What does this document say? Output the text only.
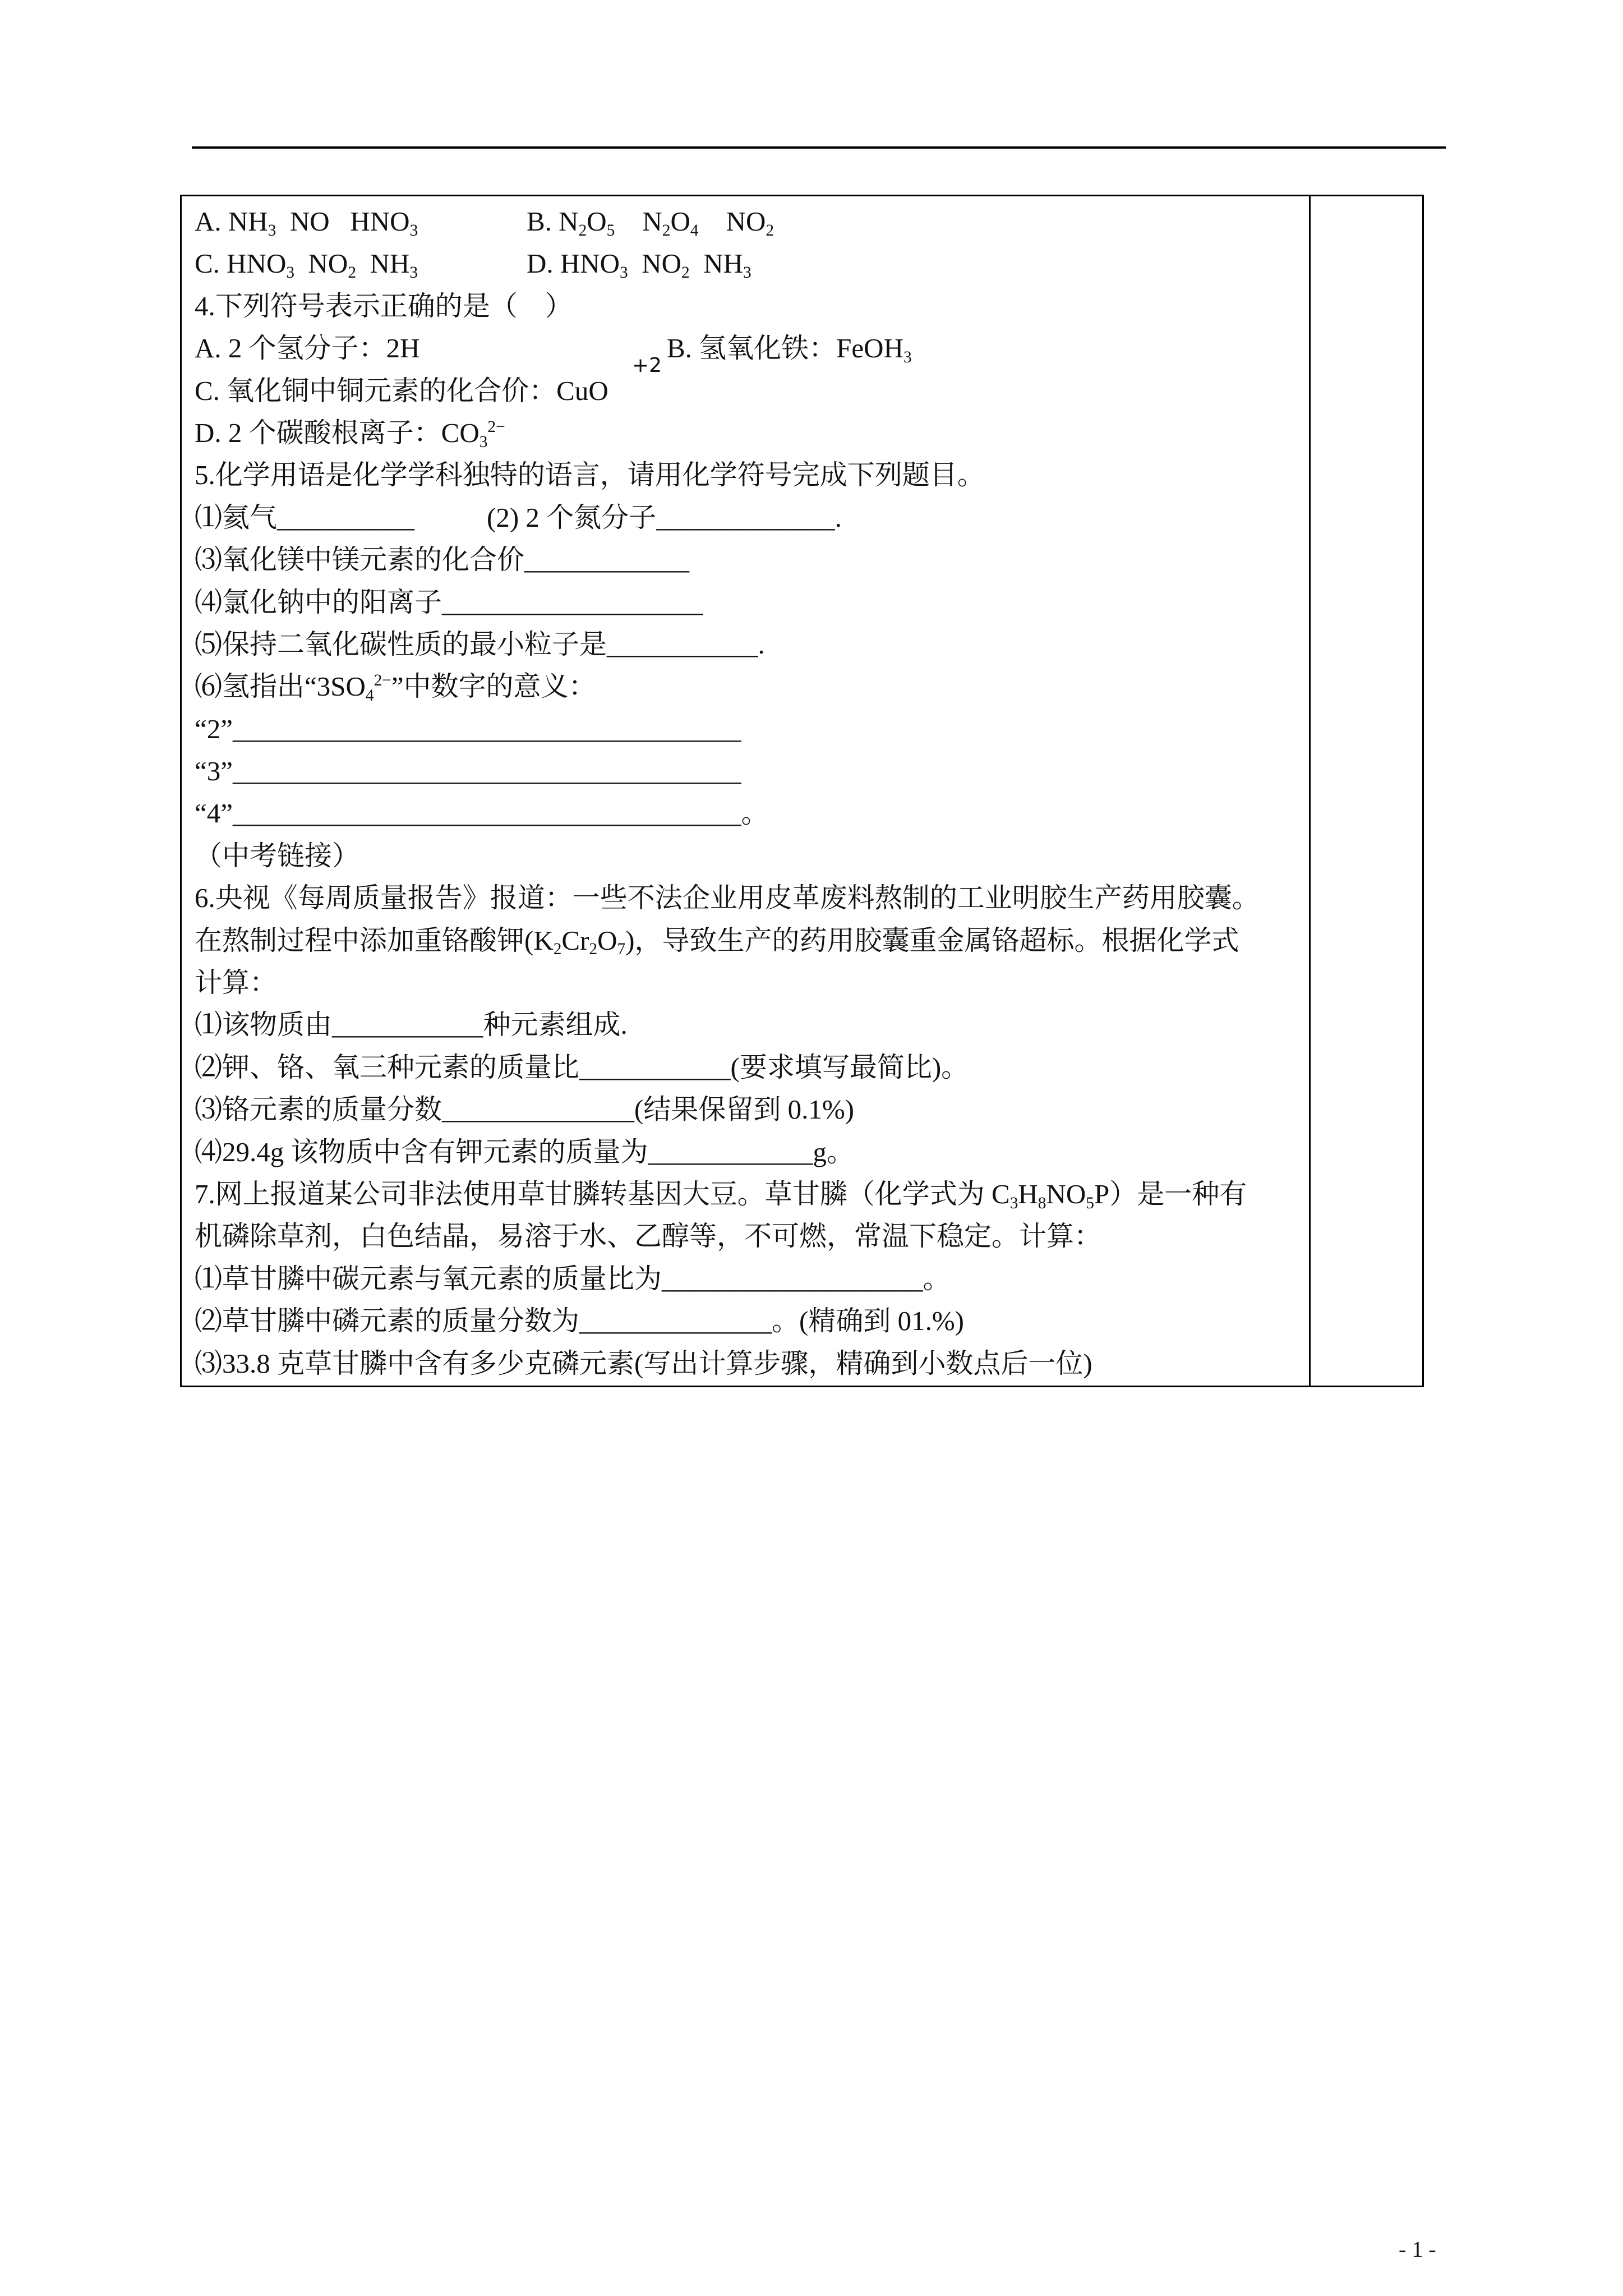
A. $NH_3$  NO   $HNO_3$

	B. $N_2O_5$    $N_2O_4$    $NO_2$

C. $HNO_3$  $NO_2$  $NH_3$

	D. $HNO_3$  $NO_2$  $NH_3$

4.下列符号表示正确的是（    ）

A. 2 个氢分子：2H

	B. 氢氧化铁：FeOH$_3$

C. 氧化铜中铜元素的化合价：CuO
D. 2 个碳酸根离子：$CO_3^{2-}$
5.化学用语是化学学科独特的语言，请用化学符号完成下列题目。

⑴氦气__________

	(2) 2 个氮分子_____________.

⑶氧化镁中镁元素的化合价____________
⑷氯化钠中的阳离子___________________
⑸保持二氧化碳性质的最小粒子是___________.
⑹氢指出“$3SO_4^{2-}$”中数字的意义：
“2”_____________________________________
“3”_____________________________________
“4”_____________________________________。
（中考链接）
6.央视《每周质量报告》报道：一些不法企业用皮革废料熬制的工业明胶生产药用胶囊。
在熬制过程中添加重铬酸钾$(K_2Cr_2O_7)$，导致生产的药用胶囊重金属铬超标。根据化学式
计算：
⑴该物质由___________种元素组成.
⑵钾、铬、氧三种元素的质量比___________(要求填写最简比)。
⑶铬元素的质量分数______________(结果保留到 0.1%)
⑷29.4g 该物质中含有钾元素的质量为____________g。
7.网上报道某公司非法使用草甘膦转基因大豆。草甘膦（化学式为 $C_3H_8NO_5P$）是一种有
机磷除草剂，白色结晶，易溶于水、乙醇等，不可燃，常温下稳定。计算：
⑴草甘膦中碳元素与氧元素的质量比为___________________。
⑵草甘膦中磷元素的质量分数为______________。(精确到 01.%)
⑶33.8 克草甘膦中含有多少克磷元素(写出计算步骤，精确到小数点后一位)
+2
- 1 -
